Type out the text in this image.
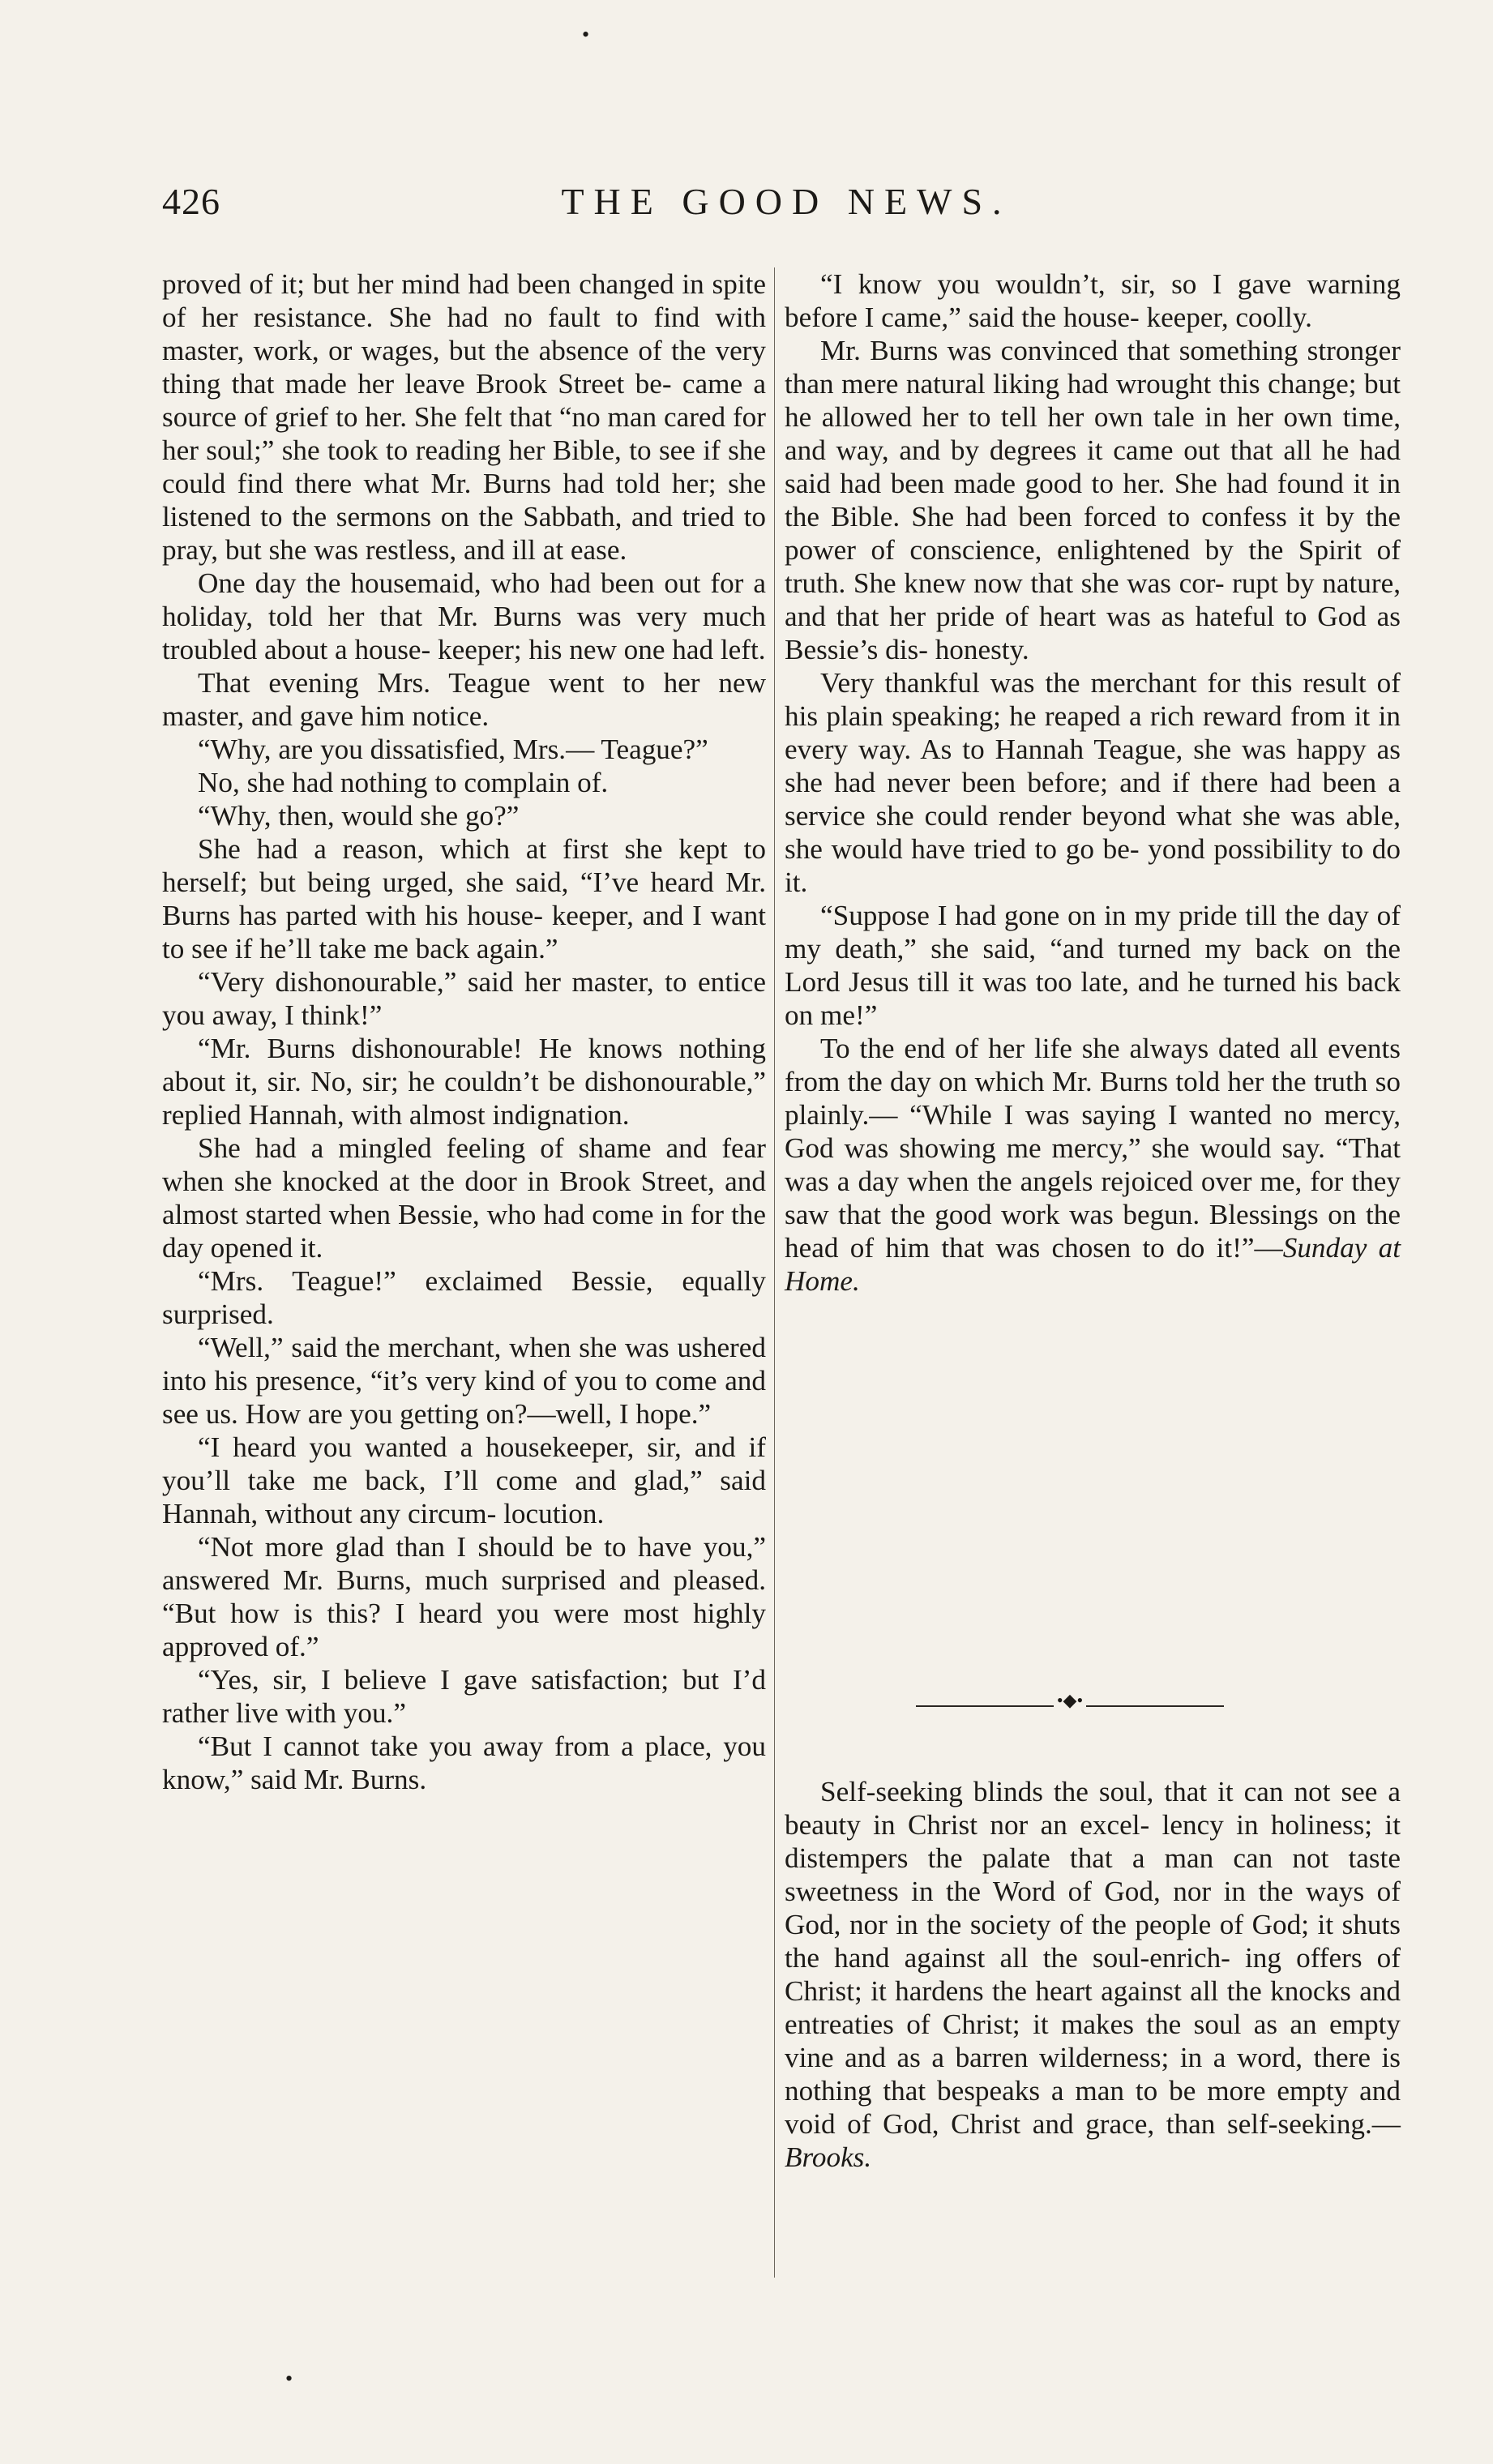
426	THE GOOD NEWS.

proved of it; but her mind had been changed in spite of her resistance. She had no fault to find with master, work, or wages, but the absence of the very thing that made her leave Brook Street be- came a source of grief to her. She felt that “no man cared for her soul;” she took to reading her Bible, to see if she could find there what Mr. Burns had told her; she listened to the sermons on the Sabbath, and tried to pray, but she was restless, and ill at ease.

One day the housemaid, who had been out for a holiday, told her that Mr. Burns was very much troubled about a house- keeper; his new one had left.

That evening Mrs. Teague went to her new master, and gave him notice.

“Why, are you dissatisfied, Mrs.— Teague?”

No, she had nothing to complain of.

“Why, then, would she go?”

She had a reason, which at first she kept to herself; but being urged, she said, “I’ve heard Mr. Burns has parted with his house- keeper, and I want to see if he’ll take me back again.”

“Very dishonourable,” said her master, to entice you away, I think!”

“Mr. Burns dishonourable! He knows nothing about it, sir. No, sir; he couldn’t be dishonourable,” replied Hannah, with almost indignation.

She had a mingled feeling of shame and fear when she knocked at the door in Brook Street, and almost started when Bessie, who had come in for the day opened it.

“Mrs. Teague!” exclaimed Bessie, equally surprised.

“Well,” said the merchant, when she was ushered into his presence, “it’s very kind of you to come and see us. How are you getting on?—well, I hope.”

“I heard you wanted a housekeeper, sir, and if you’ll take me back, I’ll come and glad,” said Hannah, without any circum- locution.

“Not more glad than I should be to have you,” answered Mr. Burns, much surprised and pleased. “But how is this? I heard you were most highly approved of.”

“Yes, sir, I believe I gave satisfaction; but I’d rather live with you.”

“But I cannot take you away from a place, you know,” said Mr. Burns.

“I know you wouldn’t, sir, so I gave warning before I came,” said the house- keeper, coolly.

Mr. Burns was convinced that something stronger than mere natural liking had wrought this change; but he allowed her to tell her own tale in her own time, and way, and by degrees it came out that all he had said had been made good to her. She had found it in the Bible. She had been forced to confess it by the power of conscience, enlightened by the Spirit of truth. She knew now that she was cor- rupt by nature, and that her pride of heart was as hateful to God as Bessie’s dis- honesty.

Very thankful was the merchant for this result of his plain speaking; he reaped a rich reward from it in every way. As to Hannah Teague, she was happy as she had never been before; and if there had been a service she could render beyond what she was able, she would have tried to go be- yond possibility to do it.

“Suppose I had gone on in my pride till the day of my death,” she said, “and turned my back on the Lord Jesus till it was too late, and he turned his back on me!”

To the end of her life she always dated all events from the day on which Mr. Burns told her the truth so plainly.— “While I was saying I wanted no mercy, God was showing me mercy,” she would say. “That was a day when the angels rejoiced over me, for they saw that the good work was begun. Blessings on the head of him that was chosen to do it!”—Sunday at Home.

•◆•

Self-seeking blinds the soul, that it can not see a beauty in Christ nor an excel- lency in holiness; it distempers the palate that a man can not taste sweetness in the Word of God, nor in the ways of God, nor in the society of the people of God; it shuts the hand against all the soul-enrich- ing offers of Christ; it hardens the heart against all the knocks and entreaties of Christ; it makes the soul as an empty vine and as a barren wilderness; in a word, there is nothing that bespeaks a man to be more empty and void of God, Christ and grace, than self-seeking.—Brooks.

•
•
